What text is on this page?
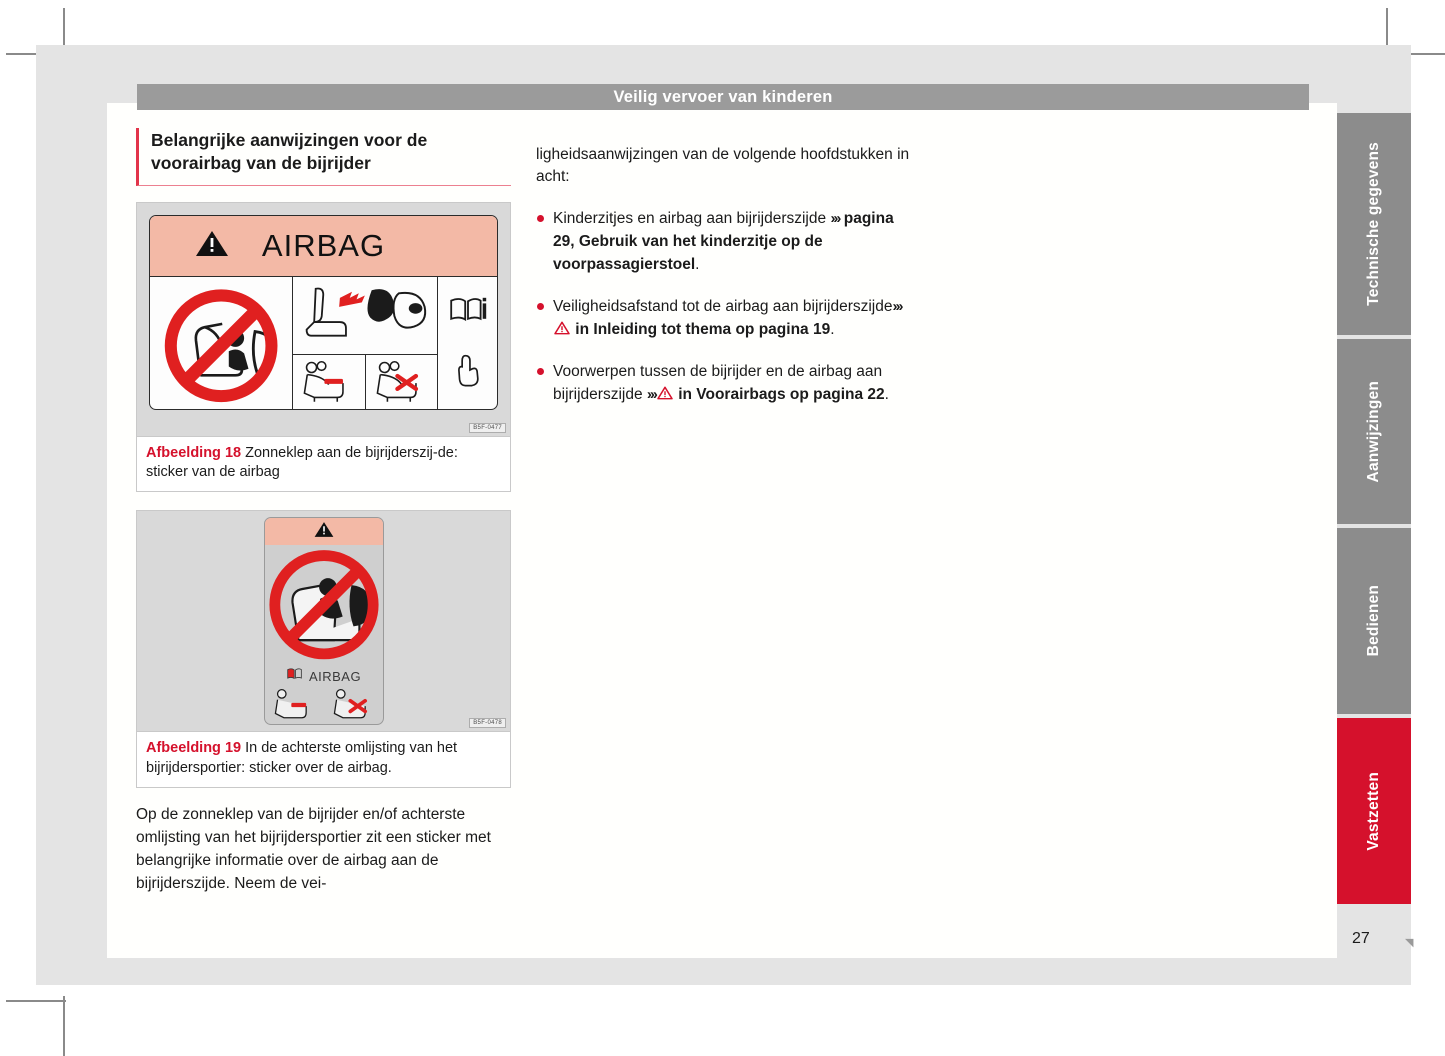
Veilig vervoer van kinderen
Belangrijke aanwijzingen voor de
voorairbag van de bijrijder
AIRBAG
B5F-0477
Afbeelding 18 Zonneklep aan de bijrijderszij-de: sticker van de airbag
AIRBAG
B5F-0478
Afbeelding 19 In de achterste omlijsting van het bijrijdersportier: sticker over de airbag.

Op de zonneklep van de bijrijder en/of achterste omlijsting van het bijrijdersportier zit een sticker met belangrijke informatie over de airbag aan de bijrijderszijde. Neem de vei-

ligheidsaanwijzingen van de volgende hoofdstukken in acht:

Kinderzitjes en airbag aan bijrijderszijde ››› pagina 29, Gebruik van het kinderzitje op de voorpassagierstoel.
Veiligheidsafstand tot de airbag aan bijrijderszijde››› in Inleiding tot thema op pagina 19.
Voorwerpen tussen de bijrijder en de airbag aan bijrijderszijde ››› in Voorairbags op pagina 22.
Technische gegevens
Aanwijzingen
Bedienen
Vastzetten
27	◥
